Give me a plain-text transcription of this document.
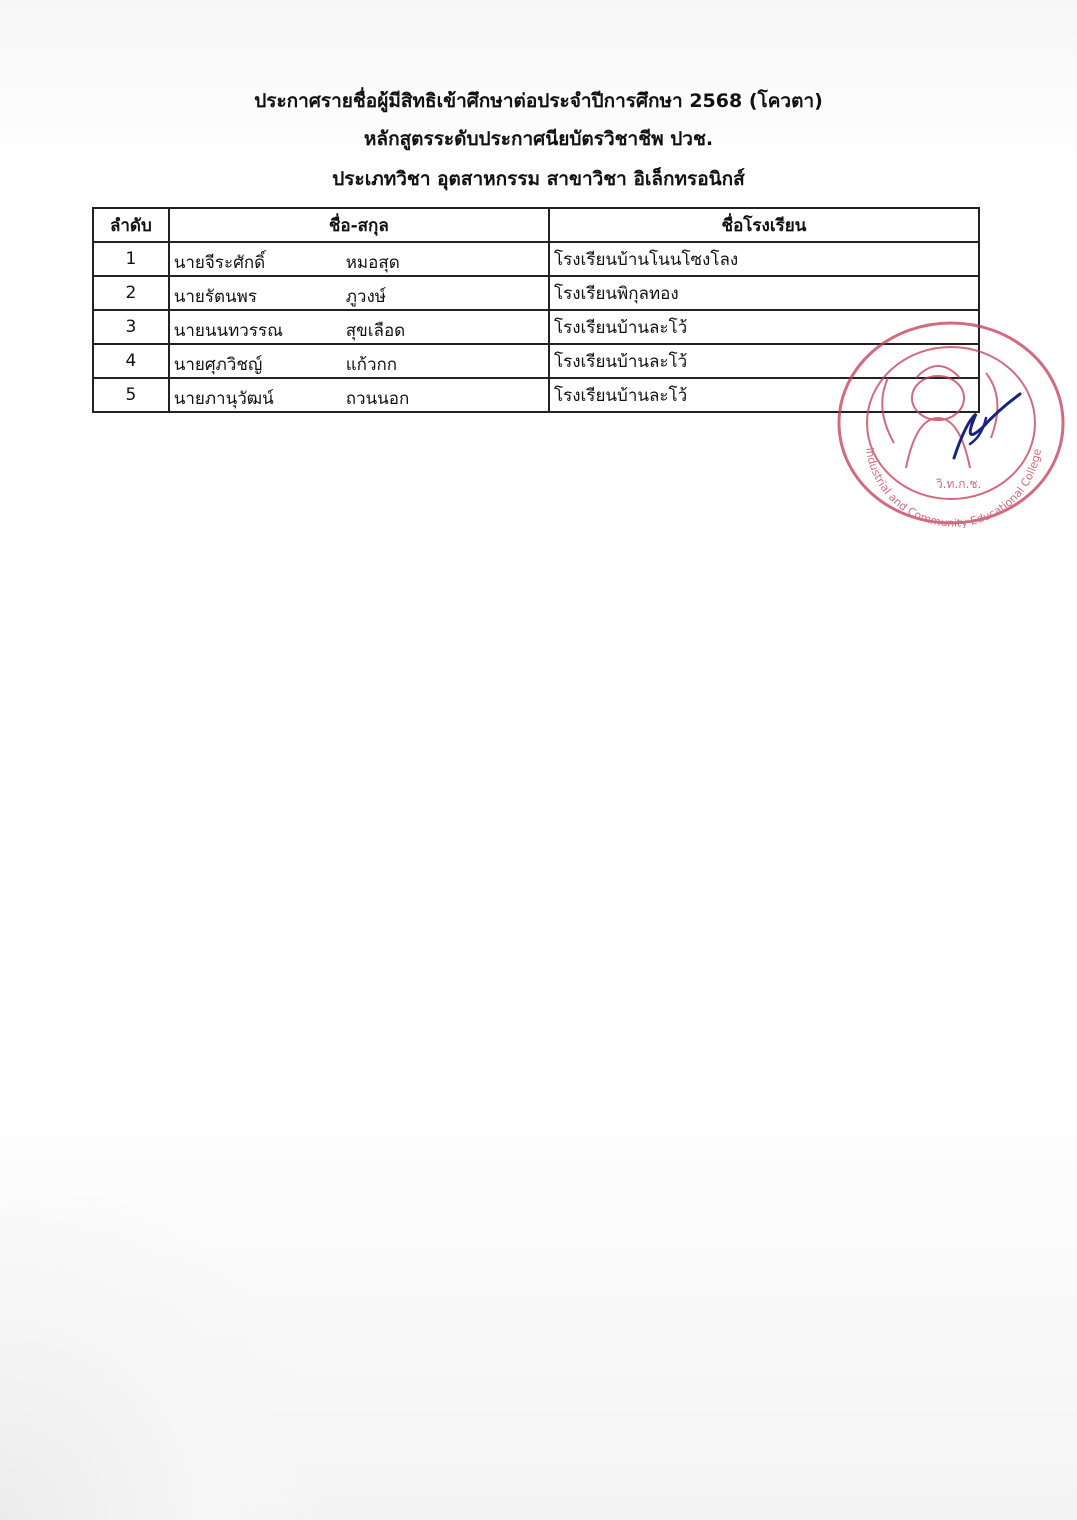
ประกาศรายชื่อผู้มีสิทธิเข้าศึกษาต่อประจำปีการศึกษา 2568 (โควตา)
หลักสูตรระดับประกาศนียบัตรวิชาชีพ ปวช.
ประเภทวิชา อุตสาหกรรม สาขาวิชา อิเล็กทรอนิกส์
ลำดับ	ชื่อ-สกุล	ชื่อโรงเรียน
1	นายจีระศักดิ์ หมอสุด	โรงเรียนบ้านโนนโซงโลง
2	นายรัตนพร ภูวงษ์	โรงเรียนพิกุลทอง
3	นายนนทวรรณ สุขเลือด	โรงเรียนบ้านละโว้
4	นายศุภวิชญ์ แก้วกก	โรงเรียนบ้านละโว้
5	นายภานุวัฒน์ ถวนนอก	โรงเรียนบ้านละโว้
Industrial and Community Educational College
วิ.ท.ก.ช.
